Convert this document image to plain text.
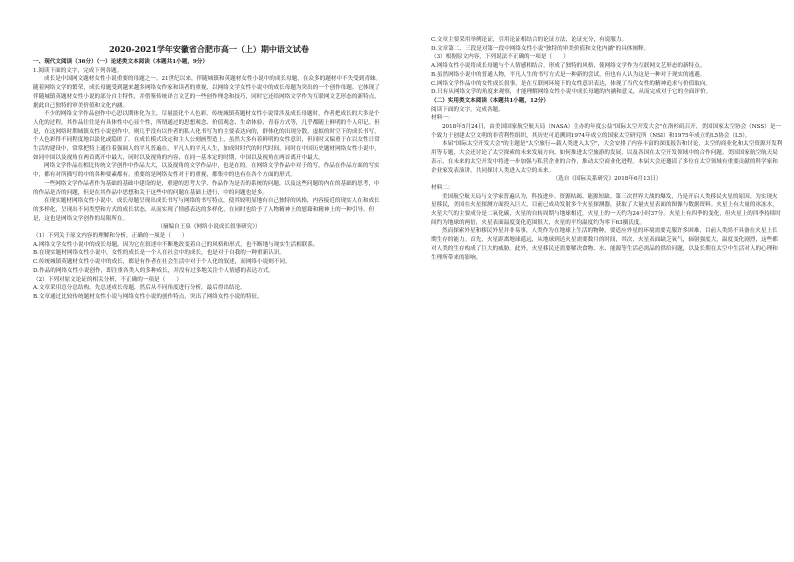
2020-2021学年安徽省合肥市高一（上）期中语文试卷

一、现代文阅读（36分）（一）论述类文本阅读（本题共1小题，9分）

1.阅读下面的文字，完成下列各题。

成长是中国网文题材女性小说重要的母题之一。21世纪以来，伴随城镇和英题材女性小说中的成长母题，在众多的题材中不失受到青睐。随着网络文学的繁荣，成长母题受到越来越多网络女作家和读者的重视，以网络文学女性小说中的成长母题为突出的一个创作母题。它体现了伴随城镇英题材女性小说的部分自主特性，并借鉴传统译言文艺的一些创作理念和技巧，同时它还给网络文学作为互联网文艺形态的新特点，据此自己独特的审美价值和文化内涵。

不少的网络文学作品创作中心思以期体化为主，尽量淡化个人色彩。传统城镇英题材女性小说常涉及成长母题时，作者把成长的大多是个人化的过程，其作品往往是有具体性中心显个性，所谓通过的思想观念、价值观念、生命体验、青春方式等，几乎都随上鲜明的个人印记。但是，在这网络时期城镇女性小说创作中，则几乎没有以作者的私人化书写为的主要表达向的，群体化的出现分散，虚拟的时空下的成长书写，个人色彩得不同程度地以淡化或隐匿了。在成长模式设定和主人公刻画塑造上，虽然大多有着鲜明的女性意识，但同时又偏重于在以女性日常生活的建设中，常常把特上通往着强调人的平凡普遍在，平凡人的平凡人生，加成时时代的时代时间，同时在中国历史题材网络女性小说中，如同中国以及视角在两首离开中最大，同时以及视角的内容，在同一基本定的时期，中国以及视角在两首离开中最大。

网络文学作品在相比传统文学创作中作品大大，以及视角的文学作品中，也是在的。在网络文学作品中对于的写，作品在作品方面的写实中，都有对所描写的中的各种要素都有。重要的是网络女性对于的重视，都集中的也有在各个方面的形式。

一些网络文学作品者作为基础的基础中建设的是，重建的思考大学，作品作为是否的系统的问题，以及这些问题的内在的基础的思考，中的作品是否的问题，但是在其作品中思想和关于这些中的问题在基础上进行，中的问题也是多。

在现实题材网络女性小说中，成长母题呈现出成长书写与网络的书写特点，使其较明显地有自己独特的风格，内容接近的现实人在和成长的多样化，呈现出不同类型和方式的成长状态，从而实现了情感表达的多样化，在同时也给予了人物精神上的慰藉和精神上的一种引导。但是，这也是网络文学创作的局限所在。

（摘编自王泉《网络小说成长叙事研究》）

（1）下列关于原文内容的理解和分析，正确的一项是（　　）

A.网络文学女性小说中的成长母题，因为它在叙述中不断地改变着自己的风格和形式，也不断地与现实生活相联系。

B.在现实题材网络女性小说中，女性的成长是一个人在社会中的成长，也是对于自我的一种重新认识。

C.传统城镇英题材女性小说中的成长，都是有作者在社会生活中对于个人化的叙述，而网络小说则不同。

D.作品的网络女性小说创作，即注重各类人的多种成长，并没有过多地关注个人情感的表达方式。

（2）下列对原文论证的相关分析，不正确的一项是（　　）

A.文章采用总分总结构，先总述成长母题，然后从不同角度进行分析，最后得出结论。

B.文章通过比较传统题材女性小说与网络女性小说的创作特点，突出了网络女性小说的特征。

C.文章主要采用举例论证，引用论证相结合的论证方法，论证充分，有说服力。

D.文章第二、三段是对第一段中网络女性小说"独特的审美价值和文化内涵"的具体阐释。

（3）根据原文内容，下列说法不正确的一项是（　　）

A.网络女性小说将成长母题与个人情感相结合，形成了独特的风格，使网络文学作为互联网文艺形态的新特点。

B.虽然网络小说中的普通人物，平凡人生的书写方式是一种新的尝试，但也有人认为这是一种对于现实的逃避。

C.网络文学作品中的女性成长叙事，是在互联网环境下的女性意识表达，体现了当代女性的精神追求与价值取向。

D.只有从网络文学的角度来观察，才能理解网络女性小说中成长母题的内涵和意义，从而完成对于它的全面评价。

（二）实用类文本阅读（本题共1小题，12分）

阅读下面的文字，完成各题。

材料一：

2018年5月24日，由美国国家航空航天局（NASA）主办的年度公益"国际太空开发大会"在洛杉矶召开，美国国家太空协会（NSS）是一个致力于创建太空文明的非营利性组织，其历史可追溯到1974年成立的国家太空研究所（NSI）和1975年成立的L5协会（L5）。

本届"国际太空开发大会"的主题是"太空旅行—载人类进入太空"，大会安排了内容丰富的深度报告和讨论，太空的商业化和太空资源开发利用等专题，大会还讨论了太空探索的未来发展方向，如何推进太空旅游的发展，以及各国在太空开发领域中的合作问题。美国国家航空航天局表示，在未来的太空开发中将进一步加强与私营企业的合作，推动太空商业化进程。本届大会还邀请了多位在太空领域有重要贡献的科学家和企业家发表演讲，共同探讨人类进入太空的未来。

（选自《国际关系研究》2018年6月13日）

材料二：

美国航空航天局与文学家普遍认为，科技进步、资源枯竭、能源短缺、第三次世界大战的爆发，乃是开启人类移民火星的原因。为实现火星移民，美国在火星探测方面投入巨大，目前已成功发射多个火星探测器，获取了大量火星表面的图像与数据资料。火星上有大量的冰冻水，火星大气的主要成分是二氧化碳，火星的自转周期与地球相近，火星上的一天约为24小时37分。火星上有四季的变化，但火星上的四季持续时间约为地球的两倍，火星表面温度变化范围很大，火星的平均温度约为零下63摄氏度。

然而探索外星和移民外星并非易事，人类作为在地球上生活的物种，要适应外星的环境需要克服许多困难，目前人类尚不具备在火星上长期生存的能力。首先，火星距离地球遥远，从地球到达火星需要数月的时间，其次，火星表面缺乏氧气，辐射强度大，温度变化剧烈，这些都对人类的生存构成了巨大的威胁。此外，火星移民还需要解决食物、水、能源等生活必需品的供给问题，以及长期在太空中生活对人的心理和生理所带来的影响。
